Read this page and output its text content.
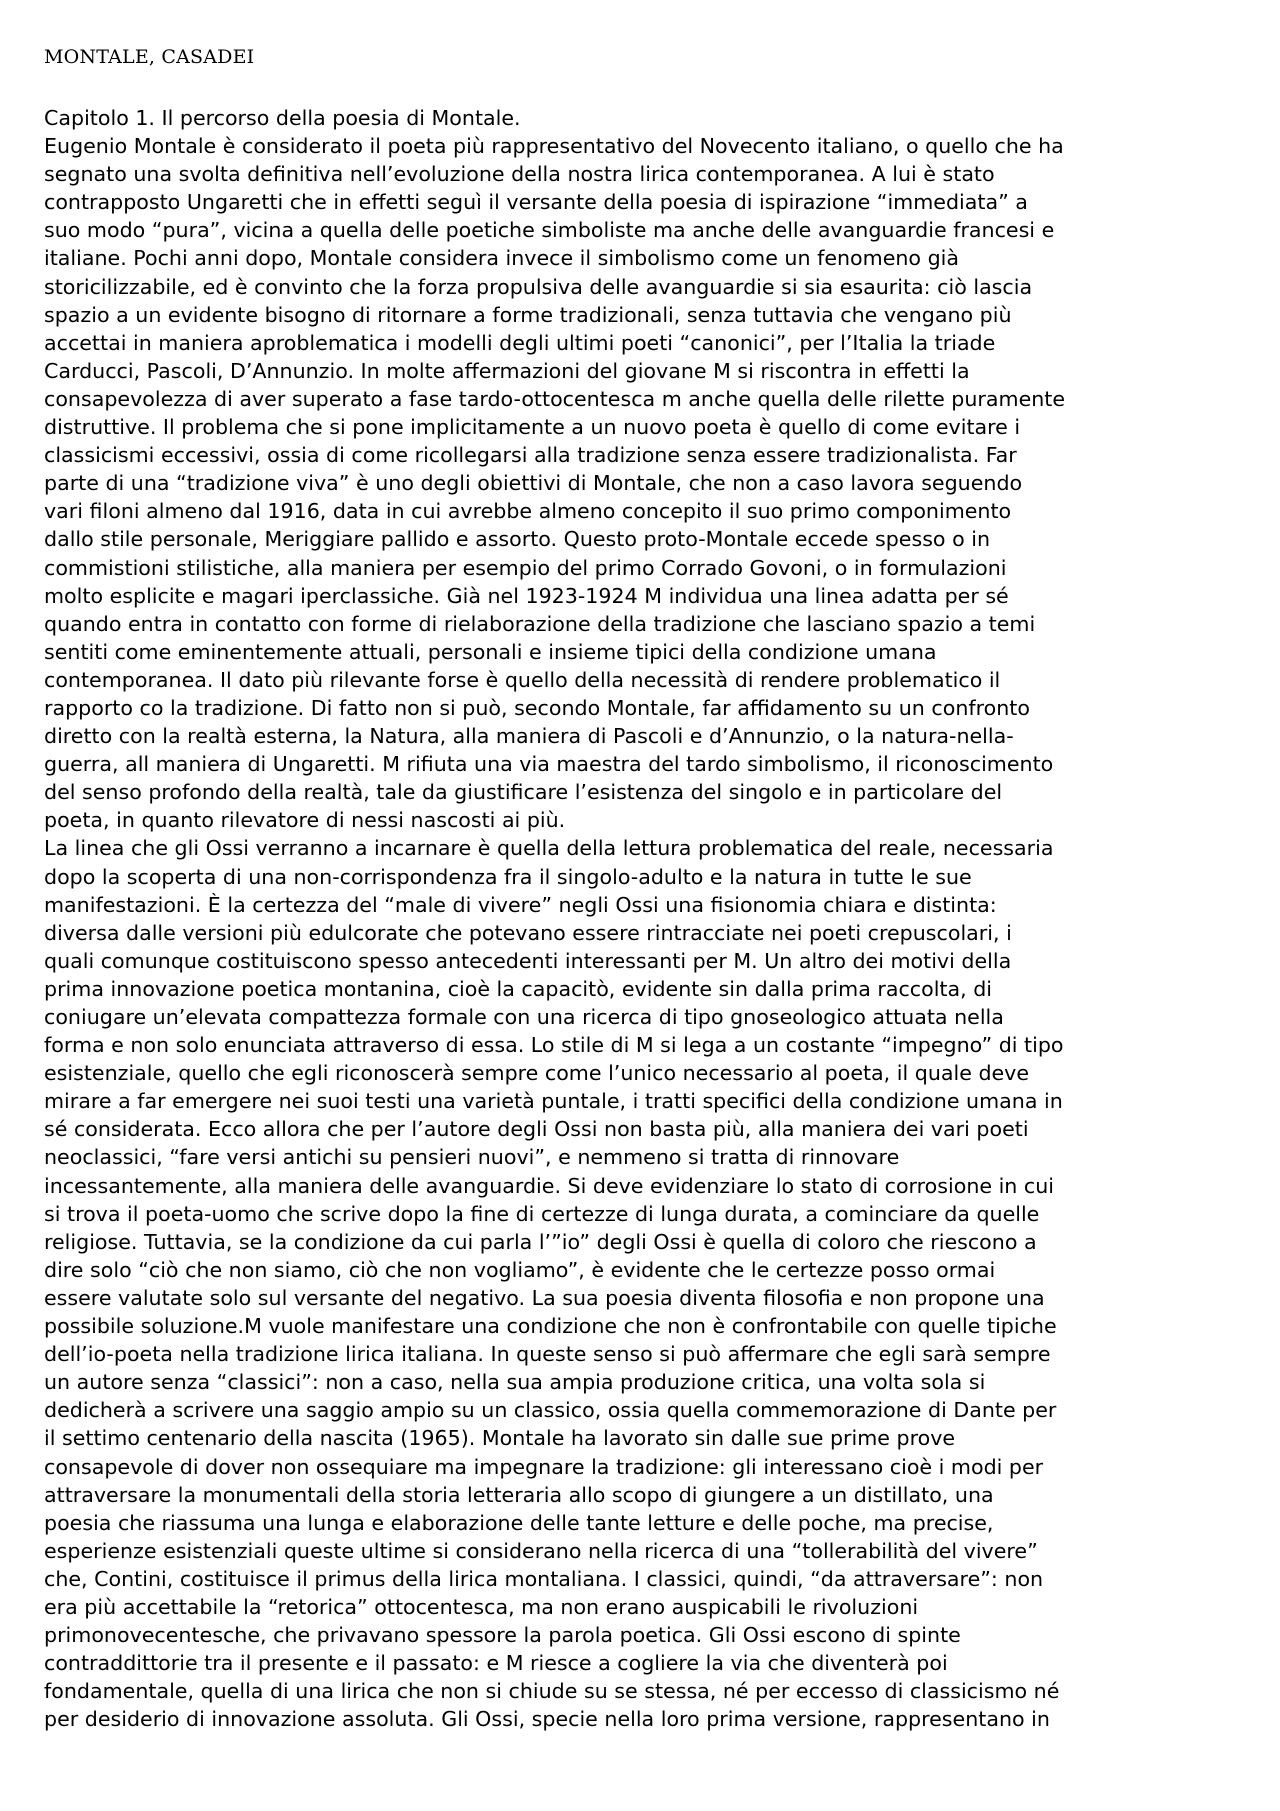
MONTALE, CASADEI
Capitolo 1. Il percorso della poesia di Montale.
Eugenio Montale è considerato il poeta più rappresentativo del Novecento italiano, o quello che ha
segnato una svolta definitiva nell’evoluzione della nostra lirica contemporanea. A lui è stato
contrapposto Ungaretti che in effetti seguì il versante della poesia di ispirazione “immediata” a
suo modo “pura”, vicina a quella delle poetiche simboliste ma anche delle avanguardie francesi e
italiane. Pochi anni dopo, Montale considera invece il simbolismo come un fenomeno già
storicilizzabile, ed è convinto che la forza propulsiva delle avanguardie si sia esaurita: ciò lascia
spazio a un evidente bisogno di ritornare a forme tradizionali, senza tuttavia che vengano più
accettai in maniera aproblematica i modelli degli ultimi poeti “canonici”, per l’Italia la triade
Carducci, Pascoli, D’Annunzio. In molte affermazioni del giovane M si riscontra in effetti la
consapevolezza di aver superato a fase tardo-ottocentesca m anche quella delle rilette puramente
distruttive. Il problema che si pone implicitamente a un nuovo poeta è quello di come evitare i
classicismi eccessivi, ossia di come ricollegarsi alla tradizione senza essere tradizionalista. Far
parte di una “tradizione viva” è uno degli obiettivi di Montale, che non a caso lavora seguendo
vari filoni almeno dal 1916, data in cui avrebbe almeno concepito il suo primo componimento
dallo stile personale, Meriggiare pallido e assorto. Questo proto-Montale eccede spesso o in
commistioni stilistiche, alla maniera per esempio del primo Corrado Govoni, o in formulazioni
molto esplicite e magari iperclassiche. Già nel 1923-1924 M individua una linea adatta per sé
quando entra in contatto con forme di rielaborazione della tradizione che lasciano spazio a temi
sentiti come eminentemente attuali, personali e insieme tipici della condizione umana
contemporanea. Il dato più rilevante forse è quello della necessità di rendere problematico il
rapporto co la tradizione. Di fatto non si può, secondo Montale, far affidamento su un confronto
diretto con la realtà esterna, la Natura, alla maniera di Pascoli e d’Annunzio, o la natura-nella-
guerra, all maniera di Ungaretti. M rifiuta una via maestra del tardo simbolismo, il riconoscimento
del senso profondo della realtà, tale da giustificare l’esistenza del singolo e in particolare del
poeta, in quanto rilevatore di nessi nascosti ai più.
La linea che gli Ossi verranno a incarnare è quella della lettura problematica del reale, necessaria
dopo la scoperta di una non-corrispondenza fra il singolo-adulto e la natura in tutte le sue
manifestazioni. È la certezza del “male di vivere” negli Ossi una fisionomia chiara e distinta:
diversa dalle versioni più edulcorate che potevano essere rintracciate nei poeti crepuscolari, i
quali comunque costituiscono spesso antecedenti interessanti per M. Un altro dei motivi della
prima innovazione poetica montanina, cioè la capacitò, evidente sin dalla prima raccolta, di
coniugare un’elevata compattezza formale con una ricerca di tipo gnoseologico attuata nella
forma e non solo enunciata attraverso di essa. Lo stile di M si lega a un costante “impegno” di tipo
esistenziale, quello che egli riconoscerà sempre come l’unico necessario al poeta, il quale deve
mirare a far emergere nei suoi testi una varietà puntale, i tratti specifici della condizione umana in
sé considerata. Ecco allora che per l’autore degli Ossi non basta più, alla maniera dei vari poeti
neoclassici, “fare versi antichi su pensieri nuovi”, e nemmeno si tratta di rinnovare
incessantemente, alla maniera delle avanguardie. Si deve evidenziare lo stato di corrosione in cui
si trova il poeta-uomo che scrive dopo la fine di certezze di lunga durata, a cominciare da quelle
religiose. Tuttavia, se la condizione da cui parla l’”io” degli Ossi è quella di coloro che riescono a
dire solo “ciò che non siamo, ciò che non vogliamo”, è evidente che le certezze posso ormai
essere valutate solo sul versante del negativo. La sua poesia diventa filosofia e non propone una
possibile soluzione.M vuole manifestare una condizione che non è confrontabile con quelle tipiche
dell’io-poeta nella tradizione lirica italiana. In queste senso si può affermare che egli sarà sempre
un autore senza “classici”: non a caso, nella sua ampia produzione critica, una volta sola si
dedicherà a scrivere una saggio ampio su un classico, ossia quella commemorazione di Dante per
il settimo centenario della nascita (1965). Montale ha lavorato sin dalle sue prime prove
consapevole di dover non ossequiare ma impegnare la tradizione: gli interessano cioè i modi per
attraversare la monumentali della storia letteraria allo scopo di giungere a un distillato, una
poesia che riassuma una lunga e elaborazione delle tante letture e delle poche, ma precise,
esperienze esistenziali queste ultime si considerano nella ricerca di una “tollerabilità del vivere”
che, Contini, costituisce il primus della lirica montaliana. I classici, quindi, “da attraversare”: non
era più accettabile la “retorica” ottocentesca, ma non erano auspicabili le rivoluzioni
primonovecentesche, che privavano spessore la parola poetica. Gli Ossi escono di spinte
contraddittorie tra il presente e il passato: e M riesce a cogliere la via che diventerà poi
fondamentale, quella di una lirica che non si chiude su se stessa, né per eccesso di classicismo né
per desiderio di innovazione assoluta. Gli Ossi, specie nella loro prima versione, rappresentano in
